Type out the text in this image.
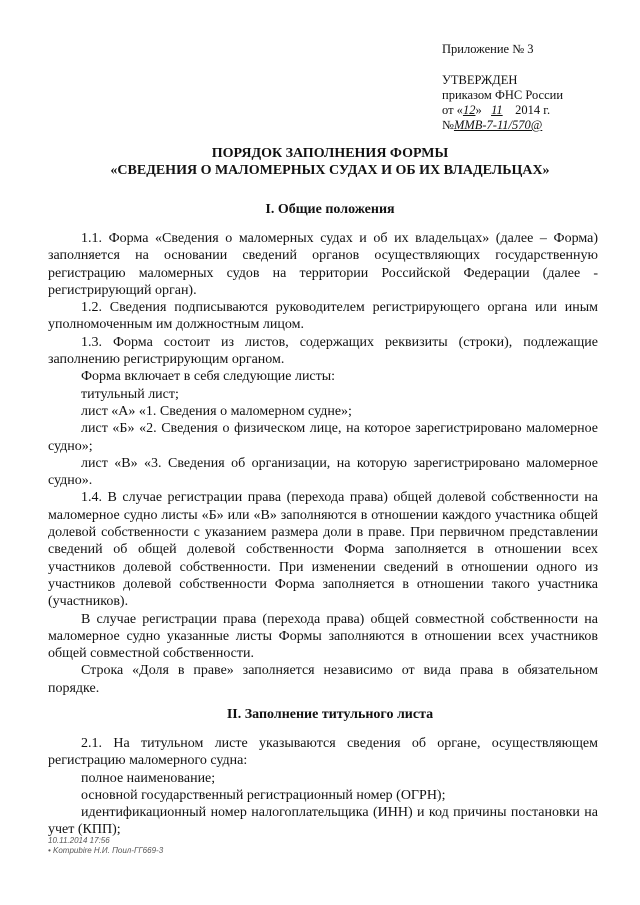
Приложение № 3
УТВЕРЖДЕН
приказом ФНС России
от «12» 11 2014 г.
№ММВ-7-11/570@
ПОРЯДОК ЗАПОЛНЕНИЯ ФОРМЫ
«СВЕДЕНИЯ О МАЛОМЕРНЫХ СУДАХ И ОБ ИХ ВЛАДЕЛЬЦАХ»
I. Общие положения

1.1. Форма «Сведения о маломерных судах и об их владельцах» (далее – Форма) заполняется на основании сведений органов осуществляющих государственную регистрацию маломерных судов на территории Российской Федерации (далее - регистрирующий орган).

1.2. Сведения подписываются руководителем регистрирующего органа или иным уполномоченным им должностным лицом.

1.3. Форма состоит из листов, содержащих реквизиты (строки), подлежащие заполнению регистрирующим органом.

Форма включает в себя следующие листы:

титульный лист;

лист «А» «1. Сведения о маломерном судне»;

лист «Б» «2. Сведения о физическом лице, на которое зарегистрировано маломерное судно»;

лист «В» «3. Сведения об организации, на которую зарегистрировано маломерное судно».

1.4. В случае регистрации права (перехода права) общей долевой собственности на маломерное судно листы «Б» или «В» заполняются в отношении каждого участника общей долевой собственности с указанием размера доли в праве. При первичном представлении сведений об общей долевой собственности Форма заполняется в отношении всех участников долевой собственности. При изменении сведений в отношении одного из участников долевой собственности Форма заполняется в отношении такого участника (участников).

В случае регистрации права (перехода права) общей совместной собственности на маломерное судно указанные листы Формы заполняются в отношении всех участников общей совместной собственности.

Строка «Доля в праве» заполняется независимо от вида права в обязательном порядке.

II. Заполнение титульного листа

2.1. На титульном листе указываются сведения об органе, осуществляющем регистрацию маломерного судна:

полное наименование;

основной государственный регистрационный номер (ОГРН);

идентификационный номер налогоплательщика (ИНН) и код причины постановки на учет (КПП);

10.11.2014 17:56
• Kompubire Н.И. Поил-ГГ669-3
